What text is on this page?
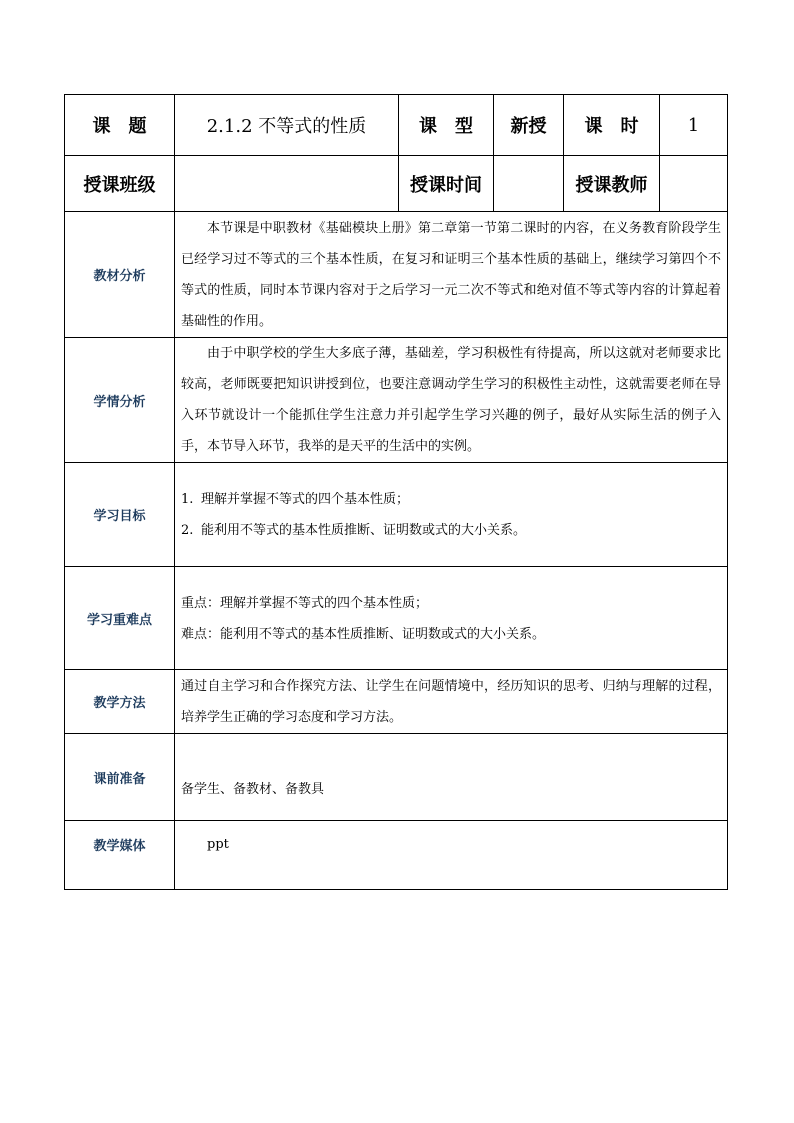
课　题	2.1.2 不等式的性质	课　型	新授	课　时	1
授课班级		授课时间		授课教师	
教材分析	本节课是中职教材《基础模块上册》第二章第一节第二课时的内容，在义务教育阶段学生已经学习过不等式的三个基本性质，在复习和证明三个基本性质的基础上，继续学习第四个不等式的性质，同时本节课内容对于之后学习一元二次不等式和绝对值不等式等内容的计算起着基础性的作用。				
学情分析	由于中职学校的学生大多底子薄，基础差，学习积极性有待提高，所以这就对老师要求比较高，老师既要把知识讲授到位，也要注意调动学生学习的积极性主动性，这就需要老师在导入环节就设计一个能抓住学生注意力并引起学生学习兴趣的例子，最好从实际生活的例子入手，本节导入环节，我举的是天平的生活中的实例。				
学习目标	1. 理解并掌握不等式的四个基本性质；
2. 能利用不等式的基本性质推断、证明数或式的大小关系。				

学习重难点	重点：理解并掌握不等式的四个基本性质；
难点：能利用不等式的基本性质推断、证明数或式的大小关系。				

教学方法	通过自主学习和合作探究方法、让学生在问题情境中，经历知识的思考、归纳与理解的过程，培养学生正确的学习态度和学习方法。				
课前准备	备学生、备教材、备教具				
教学媒体	ppt				
